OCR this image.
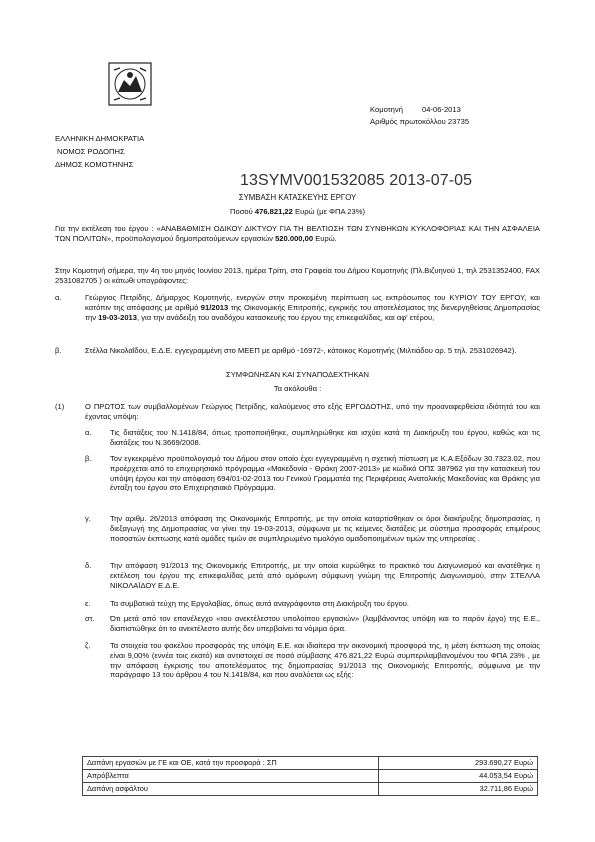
Κομοτηνή	04-06-2013
Αριθμός πρωτοκόλλου 23735
ΕΛΛΗΝΙΚΗ ΔΗΜΟΚΡΑΤΙΑ
ΝΟΜΟΣ ΡΟΔΟΠΗΣ
ΔΗΜΟΣ ΚΟΜΟΤΗΝΗΣ
13SYMV001532085 2013-07-05
ΣΥΜΒΑΣΗ ΚΑΤΑΣΚΕΥΗΣ ΕΡΓΟΥ
Ποσού 476.821,22 Ευρώ (με ΦΠΑ 23%)
Για την εκτέλεση του έργου : «ΑΝΑΒΑΘΜΙΣΗ ΟΔΙΚΟΥ ΔΙΚΤΥΟΥ ΓΙΑ ΤΗ ΒΕΛΤΙΩΣΗ ΤΩΝ ΣΥΝΘΗΚΩΝ ΚΥΚΛΟΦΟΡΙΑΣ ΚΑΙ ΤΗΝ ΑΣΦΑΛΕΙΑ ΤΩΝ ΠΟΛΙΤΩΝ», προϋπολογισμού δημοπρατούμενων εργασιών 520.000,00 Ευρώ.
Στην Κομοτηνή σήμερα, την 4η του μηνός Ιουνίου 2013, ημέρα Τρίτη, στα Γραφεία του Δήμου Κομοτηνής (Πλ.Βιζυηνού 1, τηλ 2531352400, FAX 2531082705 ) οι κάτωθι υπογράφοντες:
α.	Γεώργιος Πετρίδης, Δήμαρχος Κομοτηνής, ενεργών στην προκειμένη περίπτωση ως εκπρόσωπος του ΚΥΡΙΟΥ ΤΟΥ ΕΡΓΟΥ, και κατόπιν της απόφασης με αριθμό 91/2013 της Οικονομικής Επιτροπής, εγκρικής του αποτελέσματος της διενεργηθείσας Δημοπρασίας την 19-03-2013, για την ανάδειξη του αναδόχου κατασκευής του έργου της επικεφαλίδας, και αφ' ετέρου,
β.	Στέλλα Νικολαΐδου, Ε.Δ.Ε. εγγεγραμμένη στο ΜΕΕΠ με αριθμό -16972-, κάτοικος Κομοτηνής (Μιλτιάδου αρ. 5 τηλ. 2531026942).
ΣΥΜΦΩΝΗΣΑΝ ΚΑΙ ΣΥΝΑΠΟΔΕΧΤΗΚΑΝ
Τα ακόλουθα :
(1)	Ο ΠΡΩΤΟΣ των συμβαλλομένων Γεώργιος Πετρίδης, καλούμενος στο εξής ΕΡΓΟΔΟΤΗΣ, υπό την προαναφερθείσα ιδιότητά του και έχοντας υπόψη:
α. Τις διατάξεις του Ν.1418/84, όπως τροποποιήθηκε, συμπληρώθηκε και ισχύει κατά τη Διακήρυξη του έργου, καθώς και τις διατάξεις του Ν.3669/2008.
β. Τον εγκεκριμένο προϋπολογισμό του Δήμου στον οποίο έχει εγγεγραμμένη η σχετική πίστωση με Κ.Α.Εξόδων 30.7323.02, που προέρχεται από το επιχειρησιακό πρόγραμμα «Μακεδονία - Θράκη 2007-2013» με κωδικό ΟΠΣ 387962 για την κατασκευή του υπόψη έργου και την απόφαση 694/01-02-2013 του Γενικού Γραμματέα της Περιφέρειας Ανατολικής Μακεδονίας και Θράκης για ένταξη του έργου στο Επιχειρησιακό Πρόγραμμα.
γ.	Την αριθμ. 26/2013 απόφαση της Οικονομικής Επιτροπής, με την οποία καταρτίσθηκαν οι όροι διακήρυξης δημοπρασίας, η διεξαγωγή της Δημοπρασίας να γίνει την 19-03-2013, σύμφωνα με τις κείμενες διατάξεις με σύστημα προσφοράς επιμέρους ποσοστών έκπτωσης κατά ομάδες τιμών σε συμπληρωμένο τιμολόγιο ομαδοποιημένων τιμών της υπηρεσίας .
δ. Την απόφαση 91/2013 της Οικονομικής Επιτροπής, με την οποία κυρώθηκε το πρακτικό του Διαγωνισμού και ανατέθηκε η εκτέλεση του έργου της επικεφαλίδας μετά από ομόφωνη σύμφωνη γνώμη της Επιτροπής Διαγωνισμού, στην ΣΤΕΛΛΑ ΝΙΚΟΛΑΪΔΟΥ Ε.Δ.Ε.
ε.	Τα συμβατικά τεύχη της Εργολαβίας, όπως αυτά αναγράφονται στη Διακήρυξη του έργου.
στ. Ότι μετά από τον επανέλεγχο «του ανεκτέλεστου υπολοίπου εργασιών» (λαμβάνοντας υπόψη και το παρόν έργο) της Ε.Ε., διαπιστώθηκε ότι το ανεκτέλεστο αυτής δεν υπερβαίνει τα νόμιμα όρια.
ζ.	Τα στοιχεία του φακέλου προσφοράς της υπόψη Ε.Ε. και ιδιαίτερα την οικονομική προσφορά της, η μέση έκπτωση της οποίας είναι 9,00% (εννέα τοις εκατό) και αντιστοιχεί σε ποσό σύμβασης 476.821,22 Ευρώ συμπεριλαμβανομένου του ΦΠΑ 23% , με την απόφαση έγκρισης του αποτελέσματος της δημοπρασίας 91/2013 της Οικονομικής Επιτροπής, σύμφωνα με την παράγραφο 13 του άρθρου 4 του Ν.1418/84, και που αναλύεται ως εξής:
Δαπάνη εργασιών με ΓΕ και ΟΕ, κατά την προσφορά : ΣΠ	293.690,27 Ευρώ
Απρόβλεπτα	44.053,54 Ευρώ
Δαπάνη ασφάλτου	32.711,86 Ευρώ
